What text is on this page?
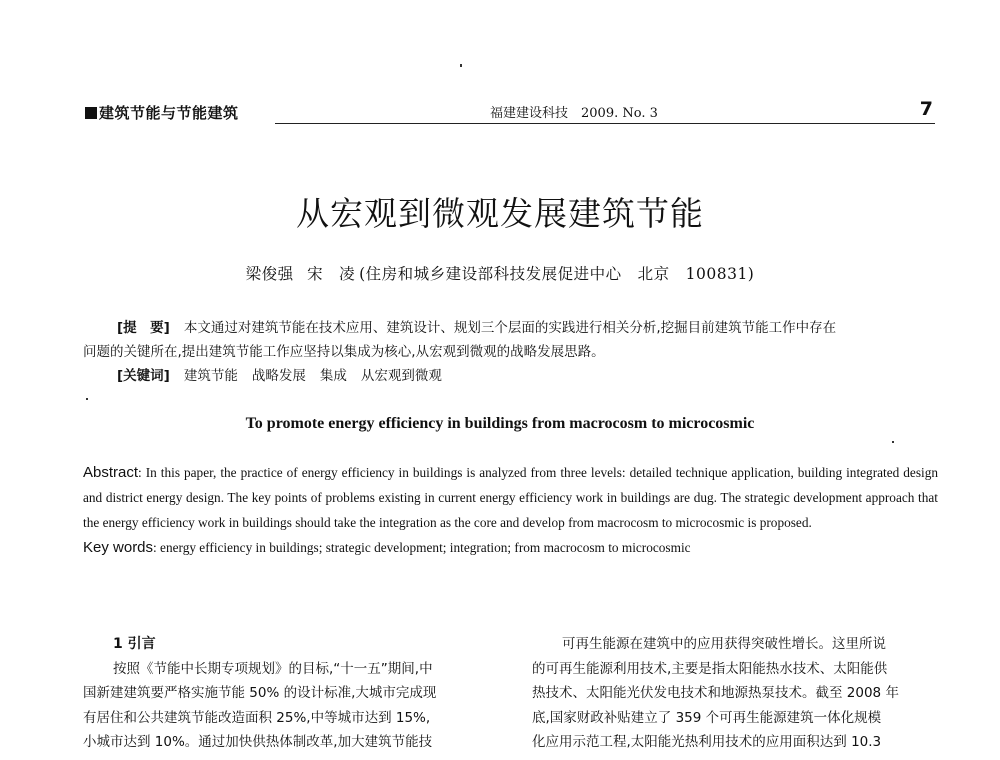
建筑节能与节能建筑	福建建设科技　2009. No. 3	7
从宏观到微观发展建筑节能
梁俊强 宋　凌 (住房和城乡建设部科技发展促进中心　北京　100831)
[提　要] 本文通过对建筑节能在技术应用、建筑设计、规划三个层面的实践进行相关分析,挖掘目前建筑节能工作中存在
问题的关键所在,提出建筑节能工作应坚持以集成为核心,从宏观到微观的战略发展思路。
[关键词] 建筑节能 战略发展 集成 从宏观到微观
To promote energy efficiency in buildings from macrocosm to microcosmic

Abstract: In this paper, the practice of energy efficiency in buildings is analyzed from three levels: detailed technique application, building integrated design and district energy design. The key points of problems existing in current energy efficiency work in buildings are dug. The strategic development approach that the energy efficiency work in buildings should take the integration as the core and develop from macrocosm to microcosmic is proposed.

Key words: energy efficiency in buildings; strategic development; integration; from macrocosm to microcosmic

1 引言
按照《节能中长期专项规划》的目标,“十一五”期间,中
国新建建筑要严格实施节能 50% 的设计标准,大城市完成现
有居住和公共建筑节能改造面积 25%,中等城市达到 15%,
小城市达到 10%。通过加快供热体制改革,加大建筑节能技
可再生能源在建筑中的应用获得突破性增长。这里所说
的可再生能源利用技术,主要是指太阳能热水技术、太阳能供
热技术、太阳能光伏发电技术和地源热泵技术。截至 2008 年
底,国家财政补贴建立了 359 个可再生能源建筑一体化规模
化应用示范工程,太阳能光热利用技术的应用面积达到 10.3
